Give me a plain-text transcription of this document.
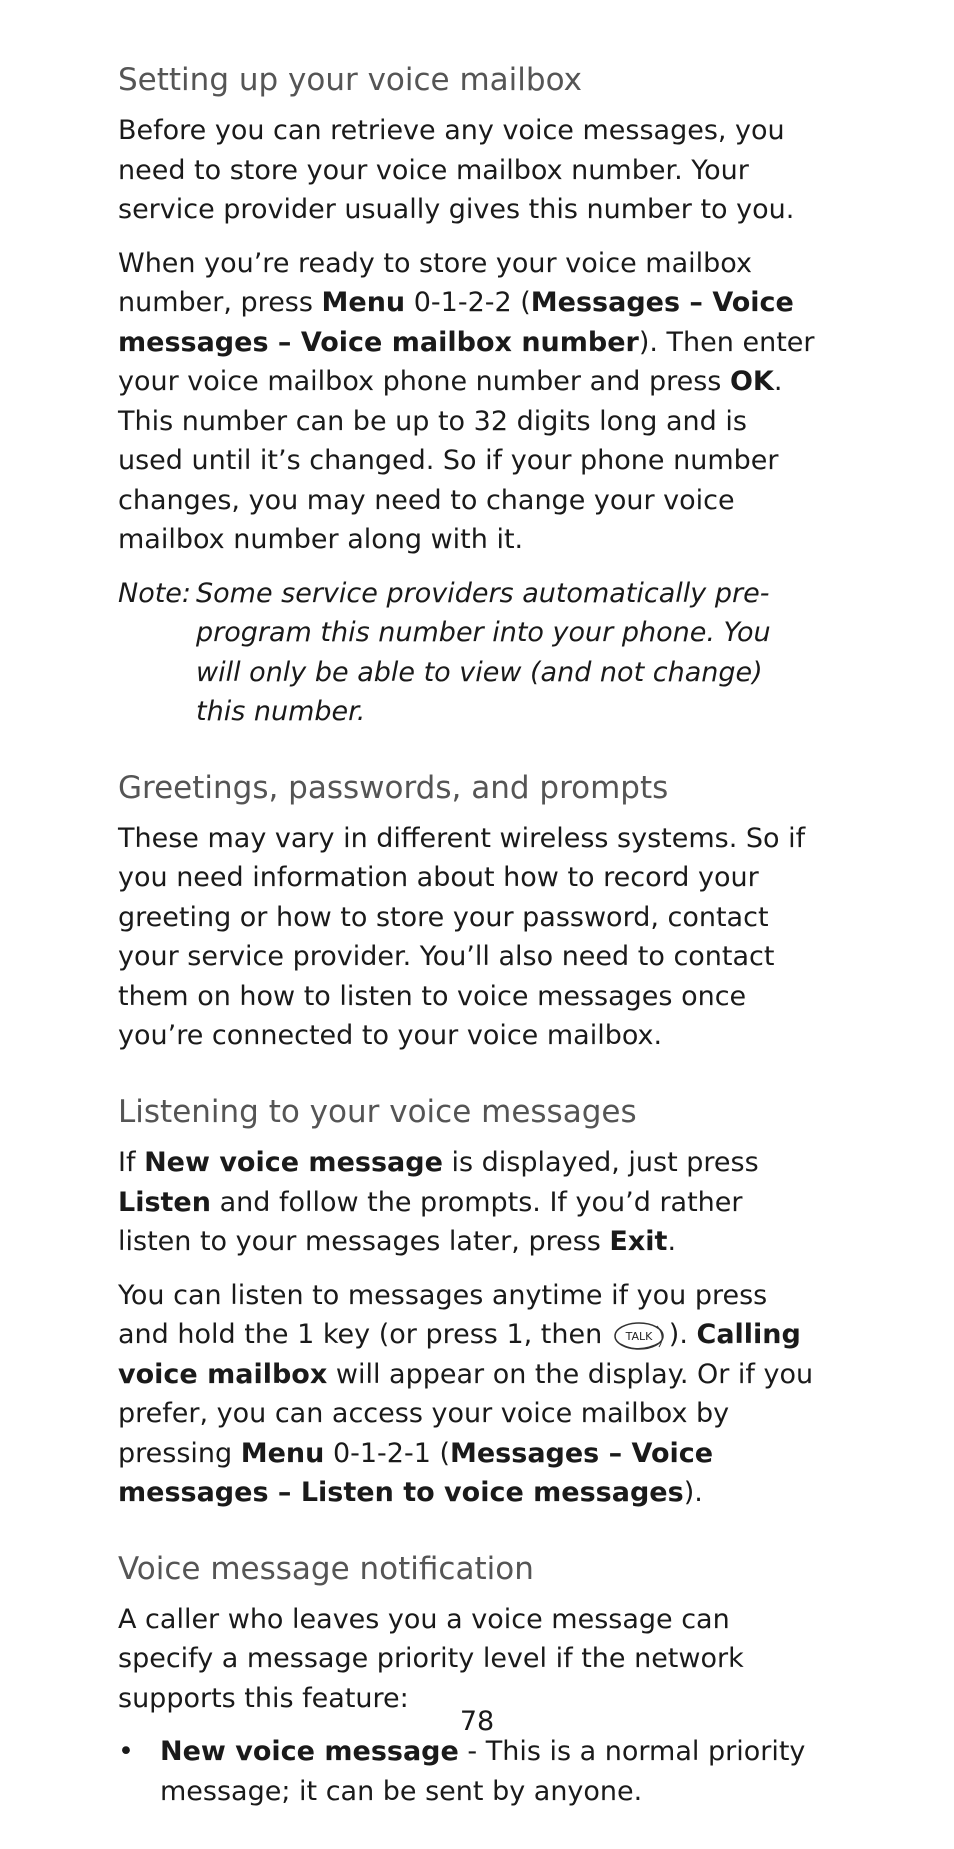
Setting up your voice mailbox

Before you can retrieve any voice messages, you need to store your voice mailbox number. Your service provider usually gives this number to you.

When you’re ready to store your voice mailbox number, press Menu 0-1-2-2 (Messages – Voice messages – Voice mailbox number). Then enter your voice mailbox phone number and press OK. This number can be up to 32 digits long and is used until it’s changed. So if your phone number changes, you may need to change your voice mailbox number along with it.

Note: Some service providers automatically pre-program this number into your phone. You will only be able to view (and not change) this number.
Greetings, passwords, and prompts

These may vary in different wireless systems. So if you need information about how to record your greeting or how to store your password, contact your service provider. You’ll also need to contact them on how to listen to voice messages once you’re connected to your voice mailbox.

Listening to your voice messages

If New voice message is displayed, just press Listen and follow the prompts. If you’d rather listen to your messages later, press Exit.

You can listen to messages anytime if you press and hold the 1 key (or press 1, then TALK ). Calling voice mailbox will appear on the display. Or if you prefer, you can access your voice mailbox by pressing Menu 0-1-2-1 (Messages – Voice messages – Listen to voice messages).

Voice message notification

A caller who leaves you a voice message can specify a message priority level if the network supports this feature:

• New voice message - This is a normal priority message; it can be sent by anyone.
78
